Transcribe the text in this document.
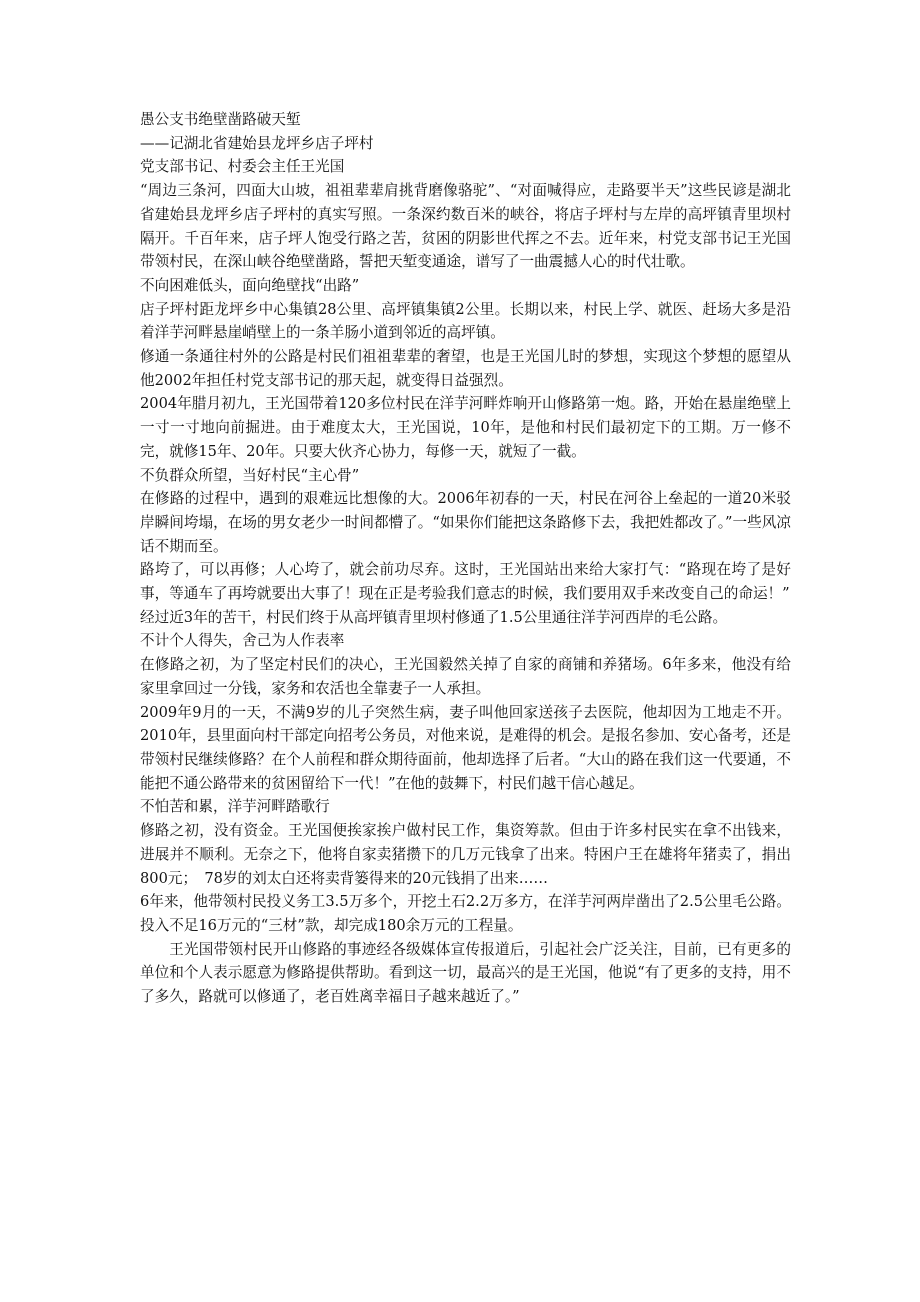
愚公支书绝壁凿路破天堑

——记湖北省建始县龙坪乡店子坪村

党支部书记、村委会主任王光国

“周边三条河，四面大山坡，祖祖辈辈肩挑背磨像骆驼”、“对面喊得应，走路要半天”这些民谚是湖北省建始县龙坪乡店子坪村的真实写照。一条深约数百米的峡谷，将店子坪村与左岸的高坪镇青里坝村隔开。千百年来，店子坪人饱受行路之苦，贫困的阴影世代挥之不去。近年来，村党支部书记王光国带领村民，在深山峡谷绝壁凿路，誓把天堑变通途，谱写了一曲震撼人心的时代壮歌。

不向困难低头，面向绝壁找“出路”

店子坪村距龙坪乡中心集镇28公里、高坪镇集镇2公里。长期以来，村民上学、就医、赶场大多是沿着洋芋河畔悬崖峭壁上的一条羊肠小道到邻近的高坪镇。

修通一条通往村外的公路是村民们祖祖辈辈的奢望，也是王光国儿时的梦想，实现这个梦想的愿望从他2002年担任村党支部书记的那天起，就变得日益强烈。

2004年腊月初九，王光国带着120多位村民在洋芋河畔炸响开山修路第一炮。路，开始在悬崖绝壁上一寸一寸地向前掘进。由于难度太大，王光国说，10年，是他和村民们最初定下的工期。万一修不完，就修15年、20年。只要大伙齐心协力，每修一天，就短了一截。

不负群众所望，当好村民“主心骨”

在修路的过程中，遇到的艰难远比想像的大。2006年初春的一天，村民在河谷上垒起的一道20米驳岸瞬间垮塌，在场的男女老少一时间都懵了。“如果你们能把这条路修下去，我把姓都改了。”一些风凉话不期而至。

路垮了，可以再修；人心垮了，就会前功尽弃。这时，王光国站出来给大家打气：“路现在垮了是好事，等通车了再垮就要出大事了！现在正是考验我们意志的时候，我们要用双手来改变自己的命运！”

经过近3年的苦干，村民们终于从高坪镇青里坝村修通了1.5公里通往洋芋河西岸的毛公路。

不计个人得失，舍己为人作表率

在修路之初，为了坚定村民们的决心，王光国毅然关掉了自家的商铺和养猪场。6年多来，他没有给家里拿回过一分钱，家务和农活也全靠妻子一人承担。

2009年9月的一天，不满9岁的儿子突然生病，妻子叫他回家送孩子去医院，他却因为工地走不开。2010年，县里面向村干部定向招考公务员，对他来说，是难得的机会。是报名参加、安心备考，还是带领村民继续修路？在个人前程和群众期待面前，他却选择了后者。“大山的路在我们这一代要通，不能把不通公路带来的贫困留给下一代！”在他的鼓舞下，村民们越干信心越足。

不怕苦和累，洋芋河畔踏歌行

修路之初，没有资金。王光国便挨家挨户做村民工作，集资筹款。但由于许多村民实在拿不出钱来，进展并不顺利。无奈之下，他将自家卖猪攒下的几万元钱拿了出来。特困户王在雄将年猪卖了，捐出800元；　78岁的刘太白还将卖背篓得来的20元钱捐了出来……

6年来，他带领村民投义务工3.5万多个，开挖土石2.2万多方，在洋芋河两岸凿出了2.5公里毛公路。投入不足16万元的“三材”款，却完成180余万元的工程量。

王光国带领村民开山修路的事迹经各级媒体宣传报道后，引起社会广泛关注，目前，已有更多的单位和个人表示愿意为修路提供帮助。看到这一切，最高兴的是王光国，他说“有了更多的支持，用不了多久，路就可以修通了，老百姓离幸福日子越来越近了。”
